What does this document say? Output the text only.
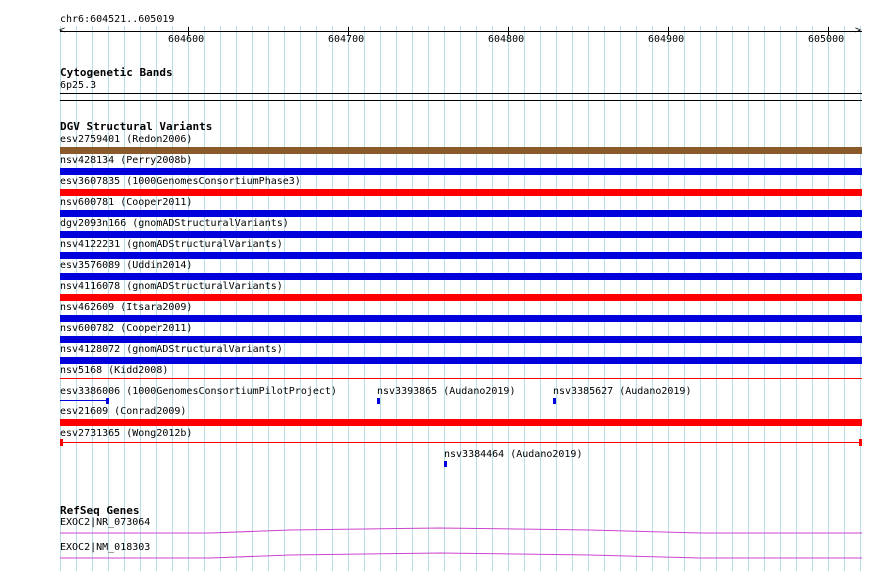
chr6:604521..605019
<	>
604600	604700	604800	604900	605000
Cytogenetic Bands
6p25.3
DGV Structural Variants
esv2759401 (Redon2006)
nsv428134 (Perry2008b)
esv3607835 (1000GenomesConsortiumPhase3)
nsv600781 (Cooper2011)
dgv2093n166 (gnomADStructuralVariants)
nsv4122231 (gnomADStructuralVariants)
esv3576089 (Uddin2014)
nsv4116078 (gnomADStructuralVariants)
nsv462609 (Itsara2009)
nsv600782 (Cooper2011)
nsv4128072 (gnomADStructuralVariants)
nsv5168 (Kidd2008)
esv3386006 (1000GenomesConsortiumPilotProject)	nsv3393865 (Audano2019)	nsv3385627 (Audano2019)
esv21609 (Conrad2009)
esv2731365 (Wong2012b)
nsv3384464 (Audano2019)
RefSeq Genes
EXOC2|NR_073064
EXOC2|NM_018303
